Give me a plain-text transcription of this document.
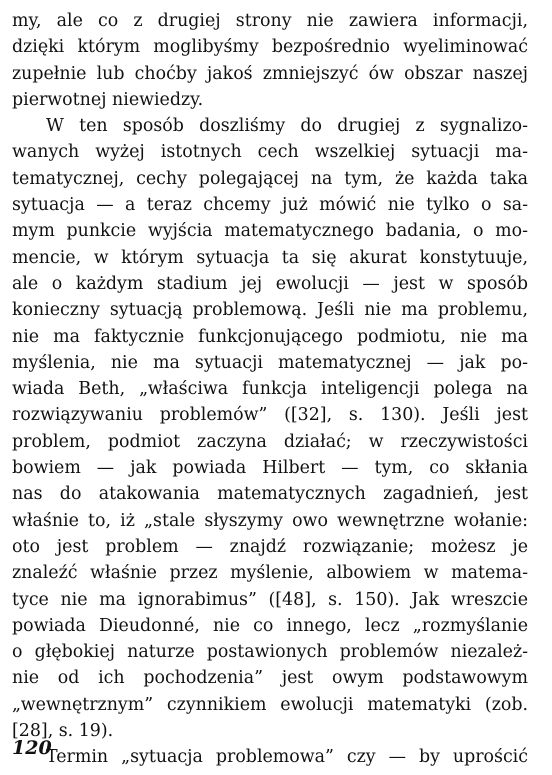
my, ale co z drugiej strony nie zawiera informacji,
dzięki którym moglibyśmy bezpośrednio wyeliminować
zupełnie lub choćby jakoś zmniejszyć ów obszar naszej
pierwotnej niewiedzy.
W ten sposób doszliśmy do drugiej z sygnalizo-
wanych wyżej istotnych cech wszelkiej sytuacji ma-
tematycznej, cechy polegającej na tym, że każda taka
sytuacja — a teraz chcemy już mówić nie tylko o sa-
mym punkcie wyjścia matematycznego badania, o mo-
mencie, w którym sytuacja ta się akurat konstytuuje,
ale o każdym stadium jej ewolucji — jest w sposób
konieczny sytuacją problemową. Jeśli nie ma problemu,
nie ma faktycznie funkcjonującego podmiotu, nie ma
myślenia, nie ma sytuacji matematycznej — jak po-
wiada Beth, „właściwa funkcja inteligencji polega na
rozwiązywaniu problemów” ([32], s. 130). Jeśli jest
problem, podmiot zaczyna działać; w rzeczywistości
bowiem — jak powiada Hilbert — tym, co skłania
nas do atakowania matematycznych zagadnień, jest
właśnie to, iż „stale słyszymy owo wewnętrzne wołanie:
oto jest problem — znajdź rozwiązanie; możesz je
znaleźć właśnie przez myślenie, albowiem w matema-
tyce nie ma ignorabimus” ([48], s. 150). Jak wreszcie
powiada Dieudonné, nie co innego, lecz „rozmyślanie
o głębokiej naturze postawionych problemów niezależ-
nie od ich pochodzenia” jest owym podstawowym
„wewnętrznym” czynnikiem ewolucji matematyki (zob.
[28], s. 19).
Termin „sytuacja problemowa” czy — by uprościć
120
